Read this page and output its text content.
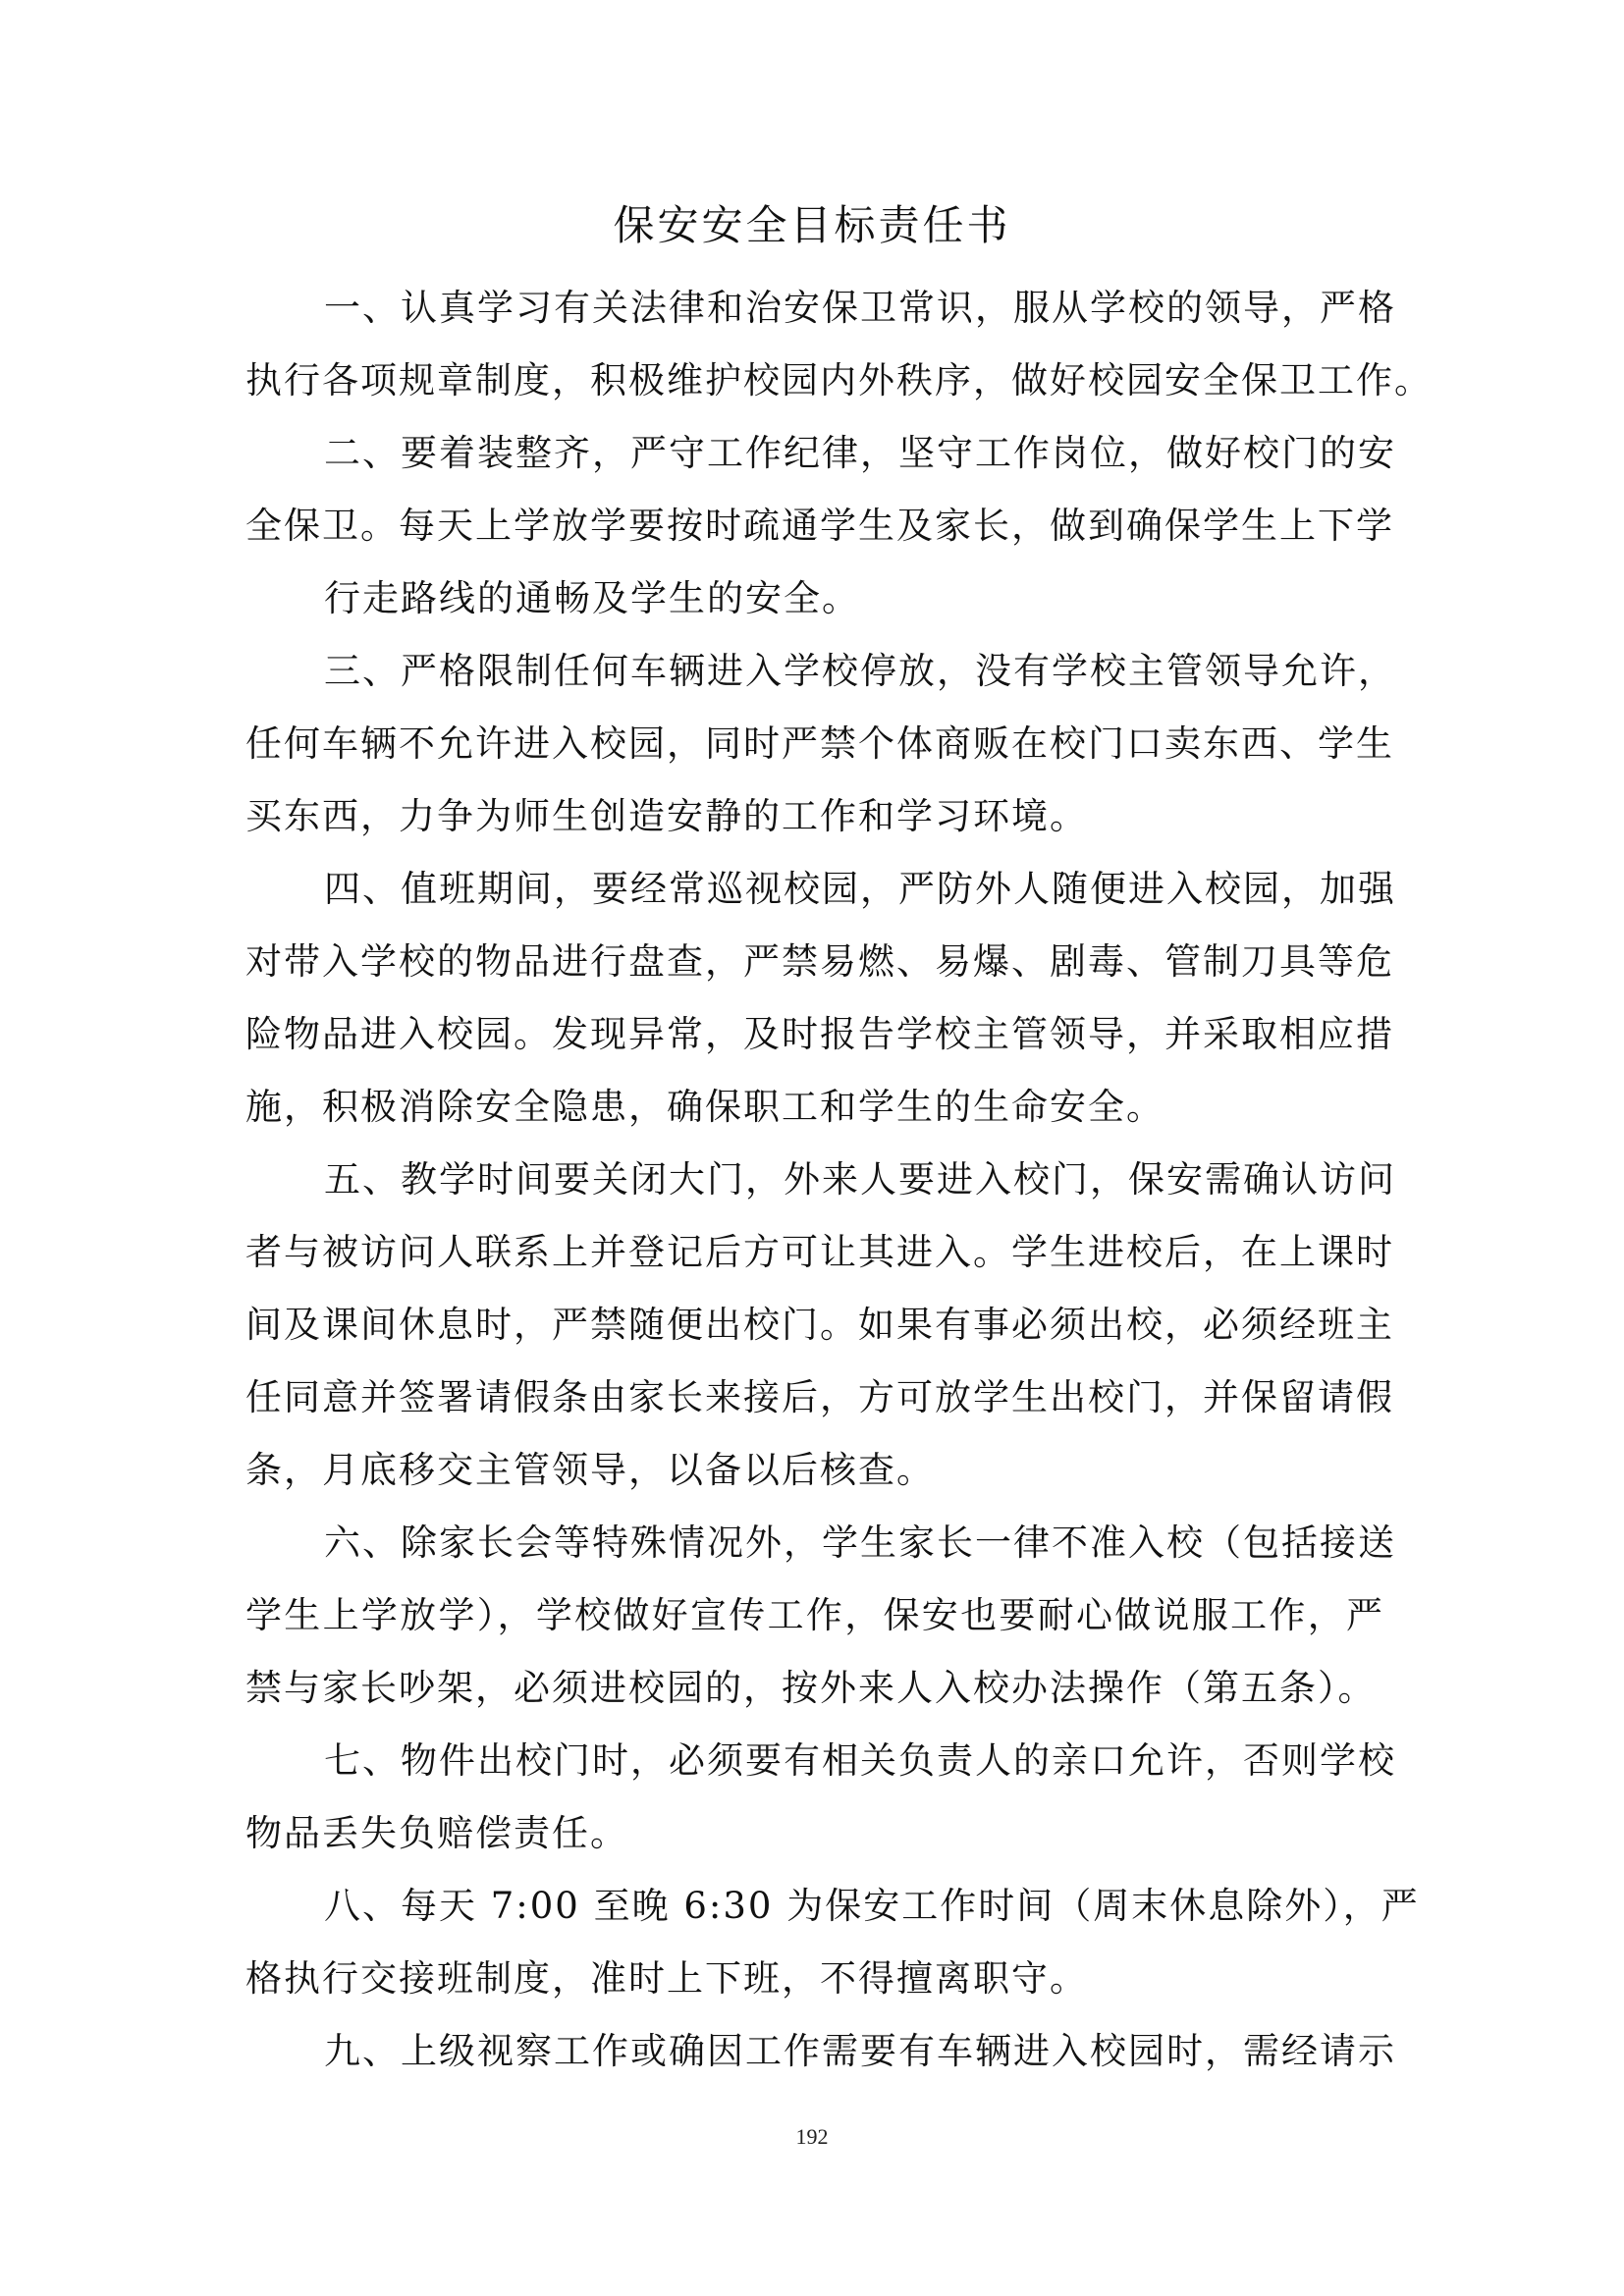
保安安全目标责任书
一、认真学习有关法律和治安保卫常识，服从学校的领导，严格
执行各项规章制度，积极维护校园内外秩序，做好校园安全保卫工作。
二、要着装整齐，严守工作纪律，坚守工作岗位，做好校门的安
全保卫。每天上学放学要按时疏通学生及家长，做到确保学生上下学
行走路线的通畅及学生的安全。
三、严格限制任何车辆进入学校停放，没有学校主管领导允许，
任何车辆不允许进入校园，同时严禁个体商贩在校门口卖东西、学生
买东西，力争为师生创造安静的工作和学习环境。
四、值班期间，要经常巡视校园，严防外人随便进入校园，加强
对带入学校的物品进行盘查，严禁易燃、易爆、剧毒、管制刀具等危
险物品进入校园。发现异常，及时报告学校主管领导，并采取相应措
施，积极消除安全隐患，确保职工和学生的生命安全。
五、教学时间要关闭大门，外来人要进入校门，保安需确认访问
者与被访问人联系上并登记后方可让其进入。学生进校后，在上课时
间及课间休息时，严禁随便出校门。如果有事必须出校，必须经班主
任同意并签署请假条由家长来接后，方可放学生出校门，并保留请假
条，月底移交主管领导，以备以后核查。
六、除家长会等特殊情况外，学生家长一律不准入校（包括接送
学生上学放学），学校做好宣传工作，保安也要耐心做说服工作，严
禁与家长吵架，必须进校园的，按外来人入校办法操作（第五条）。
七、物件出校门时，必须要有相关负责人的亲口允许，否则学校
物品丢失负赔偿责任。
八、每天 7:00 至晚 6:30 为保安工作时间（周末休息除外），严
格执行交接班制度，准时上下班，不得擅离职守。
九、上级视察工作或确因工作需要有车辆进入校园时，需经请示
192
